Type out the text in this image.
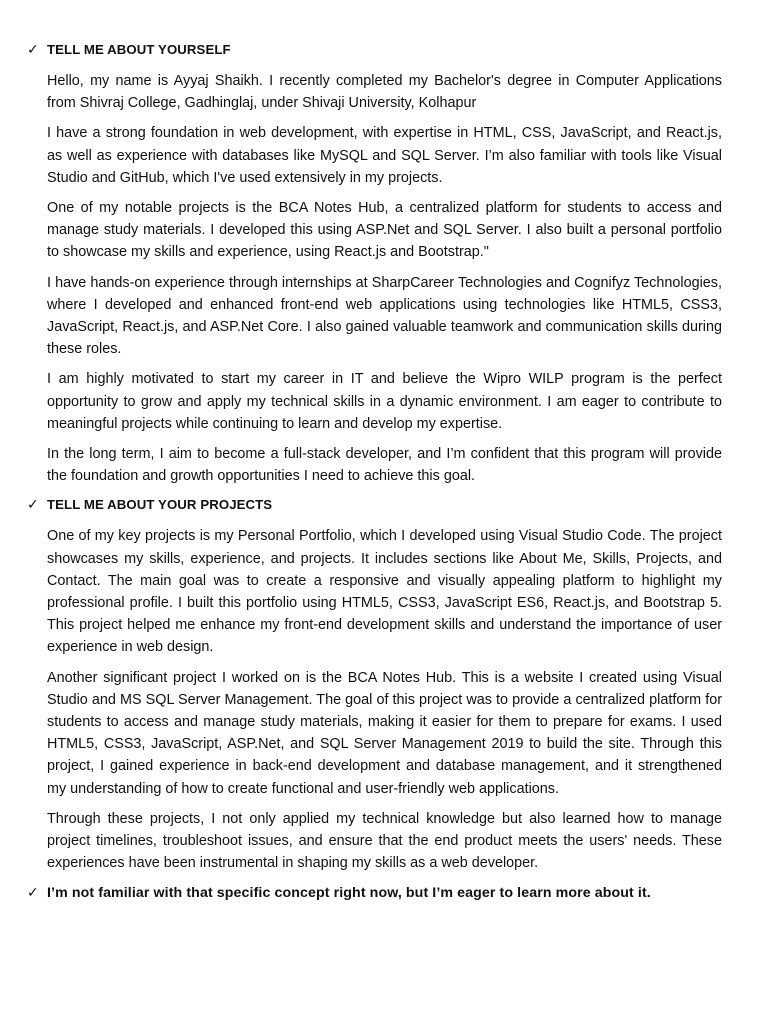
✓ TELL ME ABOUT YOURSELF

Hello, my name is Ayyaj Shaikh. I recently completed my Bachelor's degree in Computer Applications from Shivraj College, Gadhinglaj, under Shivaji University, Kolhapur

I have a strong foundation in web development, with expertise in HTML, CSS, JavaScript, and React.js, as well as experience with databases like MySQL and SQL Server. I’m also familiar with tools like Visual Studio and GitHub, which I've used extensively in my projects.

One of my notable projects is the BCA Notes Hub, a centralized platform for students to access and manage study materials. I developed this using ASP.Net and SQL Server. I also built a personal portfolio to showcase my skills and experience, using React.js and Bootstrap."

I have hands-on experience through internships at SharpCareer Technologies and Cognifyz Technologies, where I developed and enhanced front-end web applications using technologies like HTML5, CSS3, JavaScript, React.js, and ASP.Net Core. I also gained valuable teamwork and communication skills during these roles.

I am highly motivated to start my career in IT and believe the Wipro WILP program is the perfect opportunity to grow and apply my technical skills in a dynamic environment. I am eager to contribute to meaningful projects while continuing to learn and develop my expertise.

In the long term, I aim to become a full-stack developer, and I’m confident that this program will provide the foundation and growth opportunities I need to achieve this goal.

✓ TELL ME ABOUT YOUR PROJECTS

One of my key projects is my Personal Portfolio, which I developed using Visual Studio Code. The project showcases my skills, experience, and projects. It includes sections like About Me, Skills, Projects, and Contact. The main goal was to create a responsive and visually appealing platform to highlight my professional profile. I built this portfolio using HTML5, CSS3, JavaScript ES6, React.js, and Bootstrap 5. This project helped me enhance my front-end development skills and understand the importance of user experience in web design.

Another significant project I worked on is the BCA Notes Hub. This is a website I created using Visual Studio and MS SQL Server Management. The goal of this project was to provide a centralized platform for students to access and manage study materials, making it easier for them to prepare for exams. I used HTML5, CSS3, JavaScript, ASP.Net, and SQL Server Management 2019 to build the site. Through this project, I gained experience in back-end development and database management, and it strengthened my understanding of how to create functional and user-friendly web applications.

Through these projects, I not only applied my technical knowledge but also learned how to manage project timelines, troubleshoot issues, and ensure that the end product meets the users' needs. These experiences have been instrumental in shaping my skills as a web developer.

✓ I’m not familiar with that specific concept right now, but I’m eager to learn more about it.
